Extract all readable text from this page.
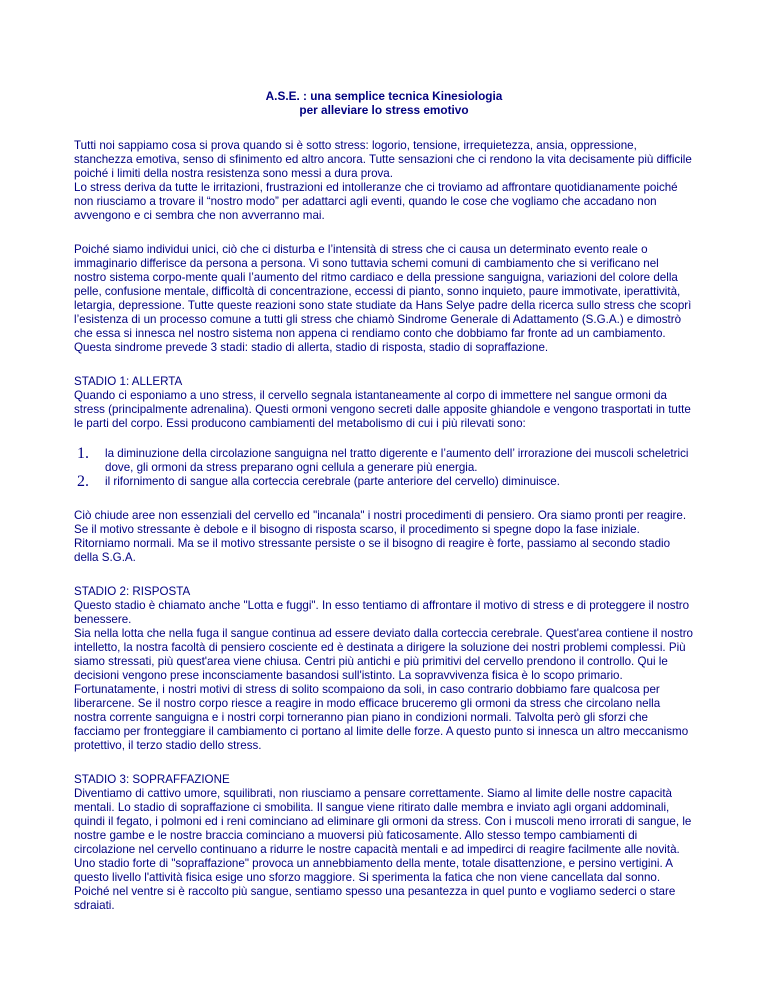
A.S.E. : una semplice tecnica Kinesiologia
per alleviare lo stress emotivo

Tutti noi sappiamo cosa si prova quando si è sotto stress: logorio, tensione, irrequietezza, ansia, oppressione, stanchezza emotiva, senso di sfinimento ed altro ancora. Tutte sensazioni che ci rendono la vita decisamente più difficile poiché i limiti della nostra resistenza sono messi a dura prova.

Lo stress deriva da tutte le irritazioni, frustrazioni ed intolleranze che ci troviamo ad affrontare quotidianamente poiché non riusciamo a trovare il “nostro modo” per adattarci agli eventi, quando le cose che vogliamo che accadano non avvengono e ci sembra che non avverranno mai.

Poiché siamo individui unici, ciò che ci disturba e l’intensità di stress che ci causa un determinato evento reale o immaginario differisce da persona a persona. Vi sono tuttavia schemi comuni di cambiamento che si verificano nel nostro sistema corpo-mente quali l’aumento del ritmo cardiaco e della pressione sanguigna, variazioni del colore della pelle, confusione mentale, difficoltà di concentrazione, eccessi di pianto, sonno inquieto, paure immotivate, iperattività, letargia, depressione. Tutte queste reazioni sono state studiate da Hans Selye padre della ricerca sullo stress che scoprì l’esistenza di un processo comune a tutti gli stress che chiamò Sindrome Generale di Adattamento (S.G.A.) e dimostrò che essa si innesca nel nostro sistema non appena ci rendiamo conto che dobbiamo far fronte ad un cambiamento. Questa sindrome prevede 3 stadi: stadio di allerta, stadio di risposta, stadio di sopraffazione.

STADIO 1: ALLERTA

Quando ci esponiamo a uno stress, il cervello segnala istantaneamente al corpo di immettere nel sangue ormoni da stress (principalmente adrenalina). Questi ormoni vengono secreti dalle apposite ghiandole e vengono trasportati in tutte le parti del corpo. Essi producono cambiamenti del metabolismo di cui i più rilevati sono:

1. la diminuzione della circolazione sanguigna nel tratto digerente e l’aumento dell’ irrorazione dei muscoli scheletrici dove, gli ormoni da stress preparano ogni cellula a generare più energia.
2. il rifornimento di sangue alla corteccia cerebrale (parte anteriore del cervello) diminuisce.

Ciò chiude aree non essenziali del cervello ed "incanala" i nostri procedimenti di pensiero. Ora siamo pronti per reagire. Se il motivo stressante è debole e il bisogno di risposta scarso, il procedimento si spegne dopo la fase iniziale. Ritorniamo normali. Ma se il motivo stressante persiste o se il bisogno di reagire è forte, passiamo al secondo stadio della S.G.A.

STADIO 2: RISPOSTA

Questo stadio è chiamato anche "Lotta e fuggi". In esso tentiamo di affrontare il motivo di stress e di proteggere il nostro benessere.

Sia nella lotta che nella fuga il sangue continua ad essere deviato dalla corteccia cerebrale. Quest'area contiene il nostro intelletto, la nostra facoltà di pensiero cosciente ed è destinata a dirigere la soluzione dei nostri problemi complessi. Più siamo stressati, più quest'area viene chiusa. Centri più antichi e più primitivi del cervello prendono il controllo. Qui le decisioni vengono prese inconsciamente basandosi sull'istinto. La sopravvivenza fisica è lo scopo primario.

Fortunatamente, i nostri motivi di stress di solito scompaiono da soli, in caso contrario dobbiamo fare qualcosa per liberarcene. Se il nostro corpo riesce a reagire in modo efficace bruceremo gli ormoni da stress che circolano nella nostra corrente sanguigna e i nostri corpi torneranno pian piano in condizioni normali. Talvolta però gli sforzi che facciamo per fronteggiare il cambiamento ci portano al limite delle forze. A questo punto si innesca un altro meccanismo protettivo, il terzo stadio dello stress.

STADIO 3: SOPRAFFAZIONE

Diventiamo di cattivo umore, squilibrati, non riusciamo a pensare correttamente. Siamo al limite delle nostre capacità mentali. Lo stadio di sopraffazione ci smobilita. Il sangue viene ritirato dalle membra e inviato agli organi addominali, quindi il fegato, i polmoni ed i reni cominciano ad eliminare gli ormoni da stress. Con i muscoli meno irrorati di sangue, le nostre gambe e le nostre braccia cominciano a muoversi più faticosamente. Allo stesso tempo cambiamenti di circolazione nel cervello continuano a ridurre le nostre capacità mentali e ad impedirci di reagire facilmente alle novità. Uno stadio forte di "sopraffazione" provoca un annebbiamento della mente, totale disattenzione, e persino vertigini. A questo livello l'attività fisica esige uno sforzo maggiore. Si sperimenta la fatica che non viene cancellata dal sonno. Poiché nel ventre si è raccolto più sangue, sentiamo spesso una pesantezza in quel punto e vogliamo sederci o stare sdraiati.
